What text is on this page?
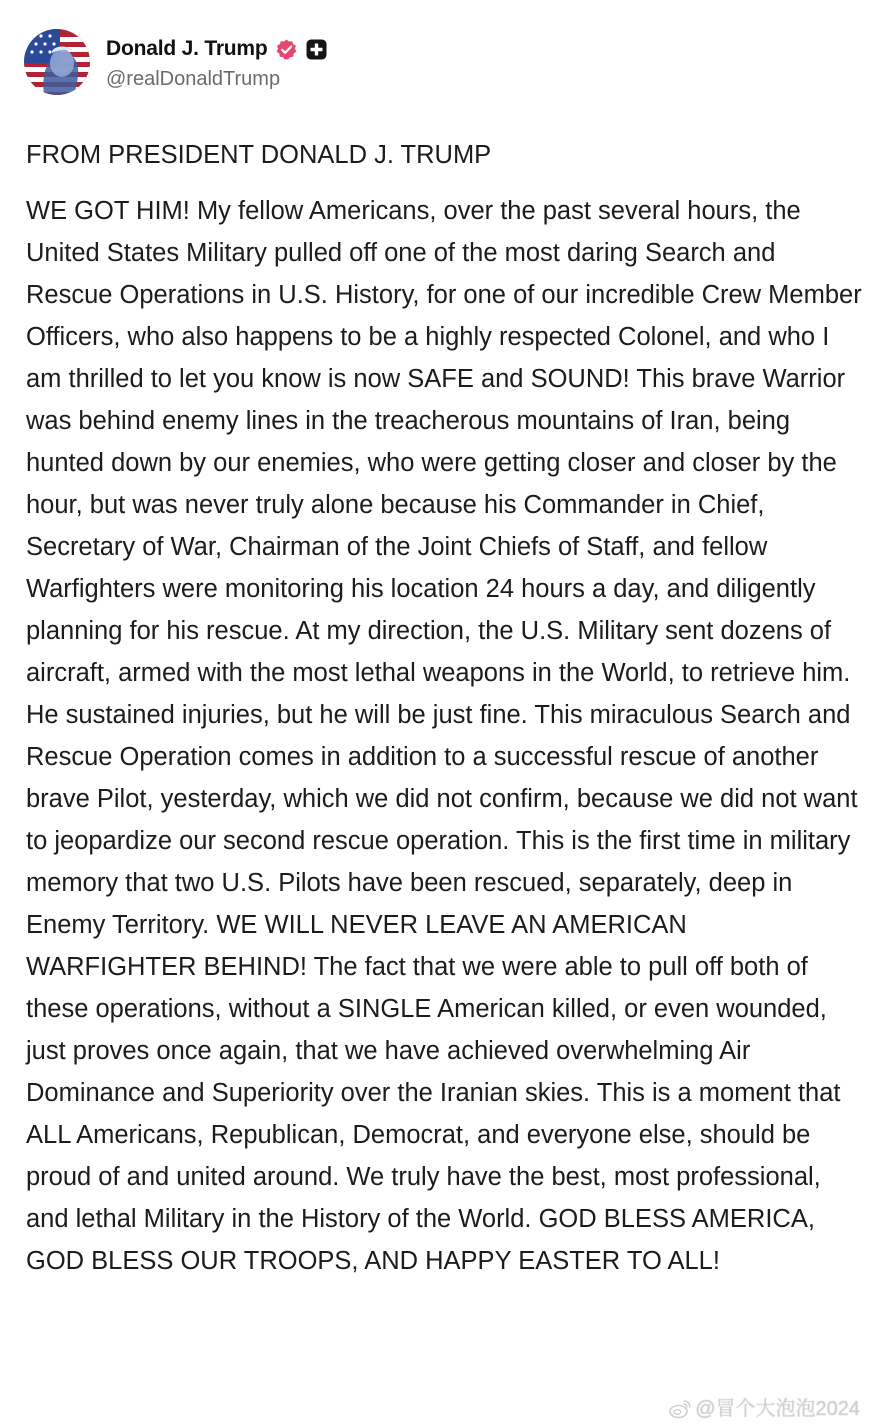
Donald J. Trump
@realDonaldTrump

FROM PRESIDENT DONALD J. TRUMP

WE GOT HIM! My fellow Americans, over the past several hours, the United States Military pulled off one of the most daring Search and Rescue Operations in U.S. History, for one of our incredible Crew Member Officers, who also happens to be a highly respected Colonel, and who I am thrilled to let you know is now SAFE and SOUND! This brave Warrior was behind enemy lines in the treacherous mountains of Iran, being hunted down by our enemies, who were getting closer and closer by the hour, but was never truly alone because his Commander in Chief, Secretary of War, Chairman of the Joint Chiefs of Staff, and fellow Warfighters were monitoring his location 24 hours a day, and diligently planning for his rescue. At my direction, the U.S. Military sent dozens of aircraft, armed with the most lethal weapons in the World, to retrieve him. He sustained injuries, but he will be just fine. This miraculous Search and Rescue Operation comes in addition to a successful rescue of another brave Pilot, yesterday, which we did not confirm, because we did not want to jeopardize our second rescue operation. This is the first time in military memory that two U.S. Pilots have been rescued, separately, deep in Enemy Territory. WE WILL NEVER LEAVE AN AMERICAN WARFIGHTER BEHIND! The fact that we were able to pull off both of these operations, without a SINGLE American killed, or even wounded, just proves once again, that we have achieved overwhelming Air Dominance and Superiority over the Iranian skies. This is a moment that ALL Americans, Republican, Democrat, and everyone else, should be proud of and united around. We truly have the best, most professional, and lethal Military in the History of the World. GOD BLESS AMERICA, GOD BLESS OUR TROOPS, AND HAPPY EASTER TO ALL!

@冒个大泡泡2024
